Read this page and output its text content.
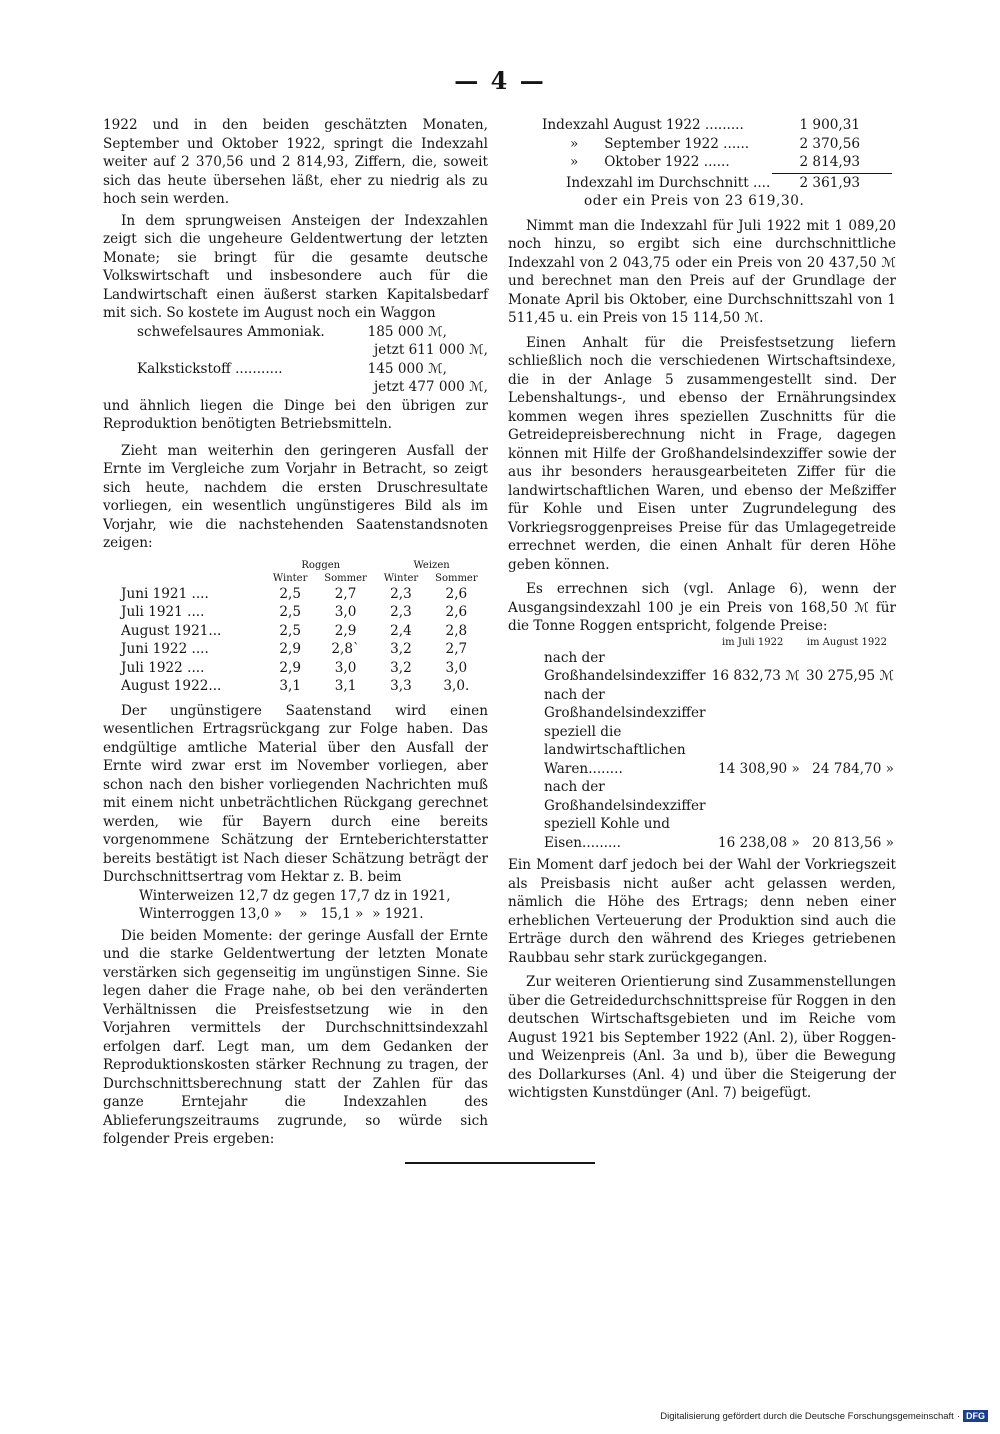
— 4 —

1922 und in den beiden geschätzten Monaten, September und Oktober 1922, springt die Indexzahl weiter auf 2 370,56 und 2 814,93, Ziffern, die, soweit sich das heute übersehen läßt, eher zu niedrig als zu hoch sein werden.

In dem sprungweisen Ansteigen der Indexzahlen zeigt sich die ungeheure Geldentwertung der letzten Monate; sie bringt für die gesamte deutsche Volkswirtschaft und insbesondere auch für die Landwirtschaft einen äußerst starken Kapitalsbedarf mit sich. So kostete im August noch ein Waggon

schwefelsaures Ammoniak.	185 000 ℳ,
jetzt 611 000 ℳ,
Kalkstickstoff ...........	145 000 ℳ,
jetzt 477 000 ℳ,

und ähnlich liegen die Dinge bei den übrigen zur Reproduktion benötigten Betriebsmitteln.

Zieht man weiterhin den geringeren Ausfall der Ernte im Vergleiche zum Vorjahr in Betracht, so zeigt sich heute, nachdem die ersten Druschresultate vorliegen, ein wesentlich ungünstigeres Bild als im Vorjahr, wie die nachstehenden Saatenstandsnoten zeigen:

	Roggen		Weizen	
	Winter	Sommer	Winter	Sommer
Juni 1921 ....	2,5	2,7	2,3	2,6
Juli 1921 ....	2,5	3,0	2,3	2,6
August 1921...	2,5	2,9	2,4	2,8
Juni 1922 ....	2,9	2,8`	3,2	2,7
Juli 1922 ....	2,9	3,0	3,2	3,0
August 1922...	3,1	3,1	3,3	3,0.

Der ungünstigere Saatenstand wird einen wesentlichen Ertragsrückgang zur Folge haben. Das endgültige amtliche Material über den Ausfall der Ernte wird zwar erst im November vorliegen, aber schon nach den bisher vorliegenden Nachrichten muß mit einem nicht unbeträchtlichen Rückgang gerechnet werden, wie für Bayern durch eine bereits vorgenommene Schätzung der Ernteberichterstatter bereits bestätigt ist Nach dieser Schätzung beträgt der Durchschnittsertrag vom Hektar z. B. beim

Winterweizen 12,7 dz gegen 17,7 dz in 1921,
Winterroggen 13,0 »    »   15,1 »  » 1921.

Die beiden Momente: der geringe Ausfall der Ernte und die starke Geldentwertung der letzten Monate verstärken sich gegenseitig im ungünstigen Sinne. Sie legen daher die Frage nahe, ob bei den veränderten Verhältnissen die Preisfestsetzung wie in den Vorjahren vermittels der Durchschnittsindexzahl erfolgen darf. Legt man, um dem Gedanken der Reproduktionskosten stärker Rechnung zu tragen, der Durchschnittsberechnung statt der Zahlen für das ganze Erntejahr die Indexzahlen des Ablieferungszeitraums zugrunde, so würde sich folgender Preis ergeben:

Indexzahl August 1922 .........	1 900,31
»      September 1922 ......	2 370,56
»      Oktober 1922 ......	2 814,93
Indexzahl im Durchschnitt .... 2 361,93
oder ein Preis von 23 619,30.

Nimmt man die Indexzahl für Juli 1922 mit 1 089,20 noch hinzu, so ergibt sich eine durchschnittliche Indexzahl von 2 043,75 oder ein Preis von 20 437,50 ℳ und berechnet man den Preis auf der Grundlage der Monate April bis Oktober, eine Durchschnittszahl von 1 511,45 u. ein Preis von 15 114,50 ℳ.

Einen Anhalt für die Preisfestsetzung liefern schließlich noch die verschiedenen Wirtschaftsindexe, die in der Anlage 5 zusammengestellt sind. Der Lebenshaltungs-, und ebenso der Ernährungsindex kommen wegen ihres speziellen Zuschnitts für die Getreidepreisberechnung nicht in Frage, dagegen können mit Hilfe der Großhandelsindexziffer sowie der aus ihr besonders herausgearbeiteten Ziffer für die landwirtschaftlichen Waren, und ebenso der Meßziffer für Kohle und Eisen unter Zugrundelegung des Vorkriegsroggenpreises Preise für das Umlagegetreide errechnet werden, die einen Anhalt für deren Höhe geben können.

Es errechnen sich (vgl. Anlage 6), wenn der Ausgangsindexzahl 100 je ein Preis von 168,50 ℳ für die Tonne Roggen entspricht, folgende Preise:

	im Juli 1922	im August 1922
nach der Großhandelsindexziffer	16 832,73 ℳ	30 275,95 ℳ
nach der Großhandelsindexziffer speziell die landwirtschaftlichen Waren........	14 308,90 »	24 784,70 »
nach der Großhandelsindexziffer speziell Kohle und Eisen.........	16 238,08 »	20 813,56 »

Ein Moment darf jedoch bei der Wahl der Vorkriegszeit als Preisbasis nicht außer acht gelassen werden, nämlich die Höhe des Ertrags; denn neben einer erheblichen Verteuerung der Produktion sind auch die Erträge durch den während des Krieges getriebenen Raubbau sehr stark zurückgegangen.

Zur weiteren Orientierung sind Zusammenstellungen über die Getreidedurchschnittspreise für Roggen in den deutschen Wirtschaftsgebieten und im Reiche vom August 1921 bis September 1922 (Anl. 2), über Roggen- und Weizenpreis (Anl. 3a und b), über die Bewegung des Dollarkurses (Anl. 4) und über die Steigerung der wichtigsten Kunstdünger (Anl. 7) beigefügt.

Digitalisierung gefördert durch die Deutsche Forschungsgemeinschaft · DFG
